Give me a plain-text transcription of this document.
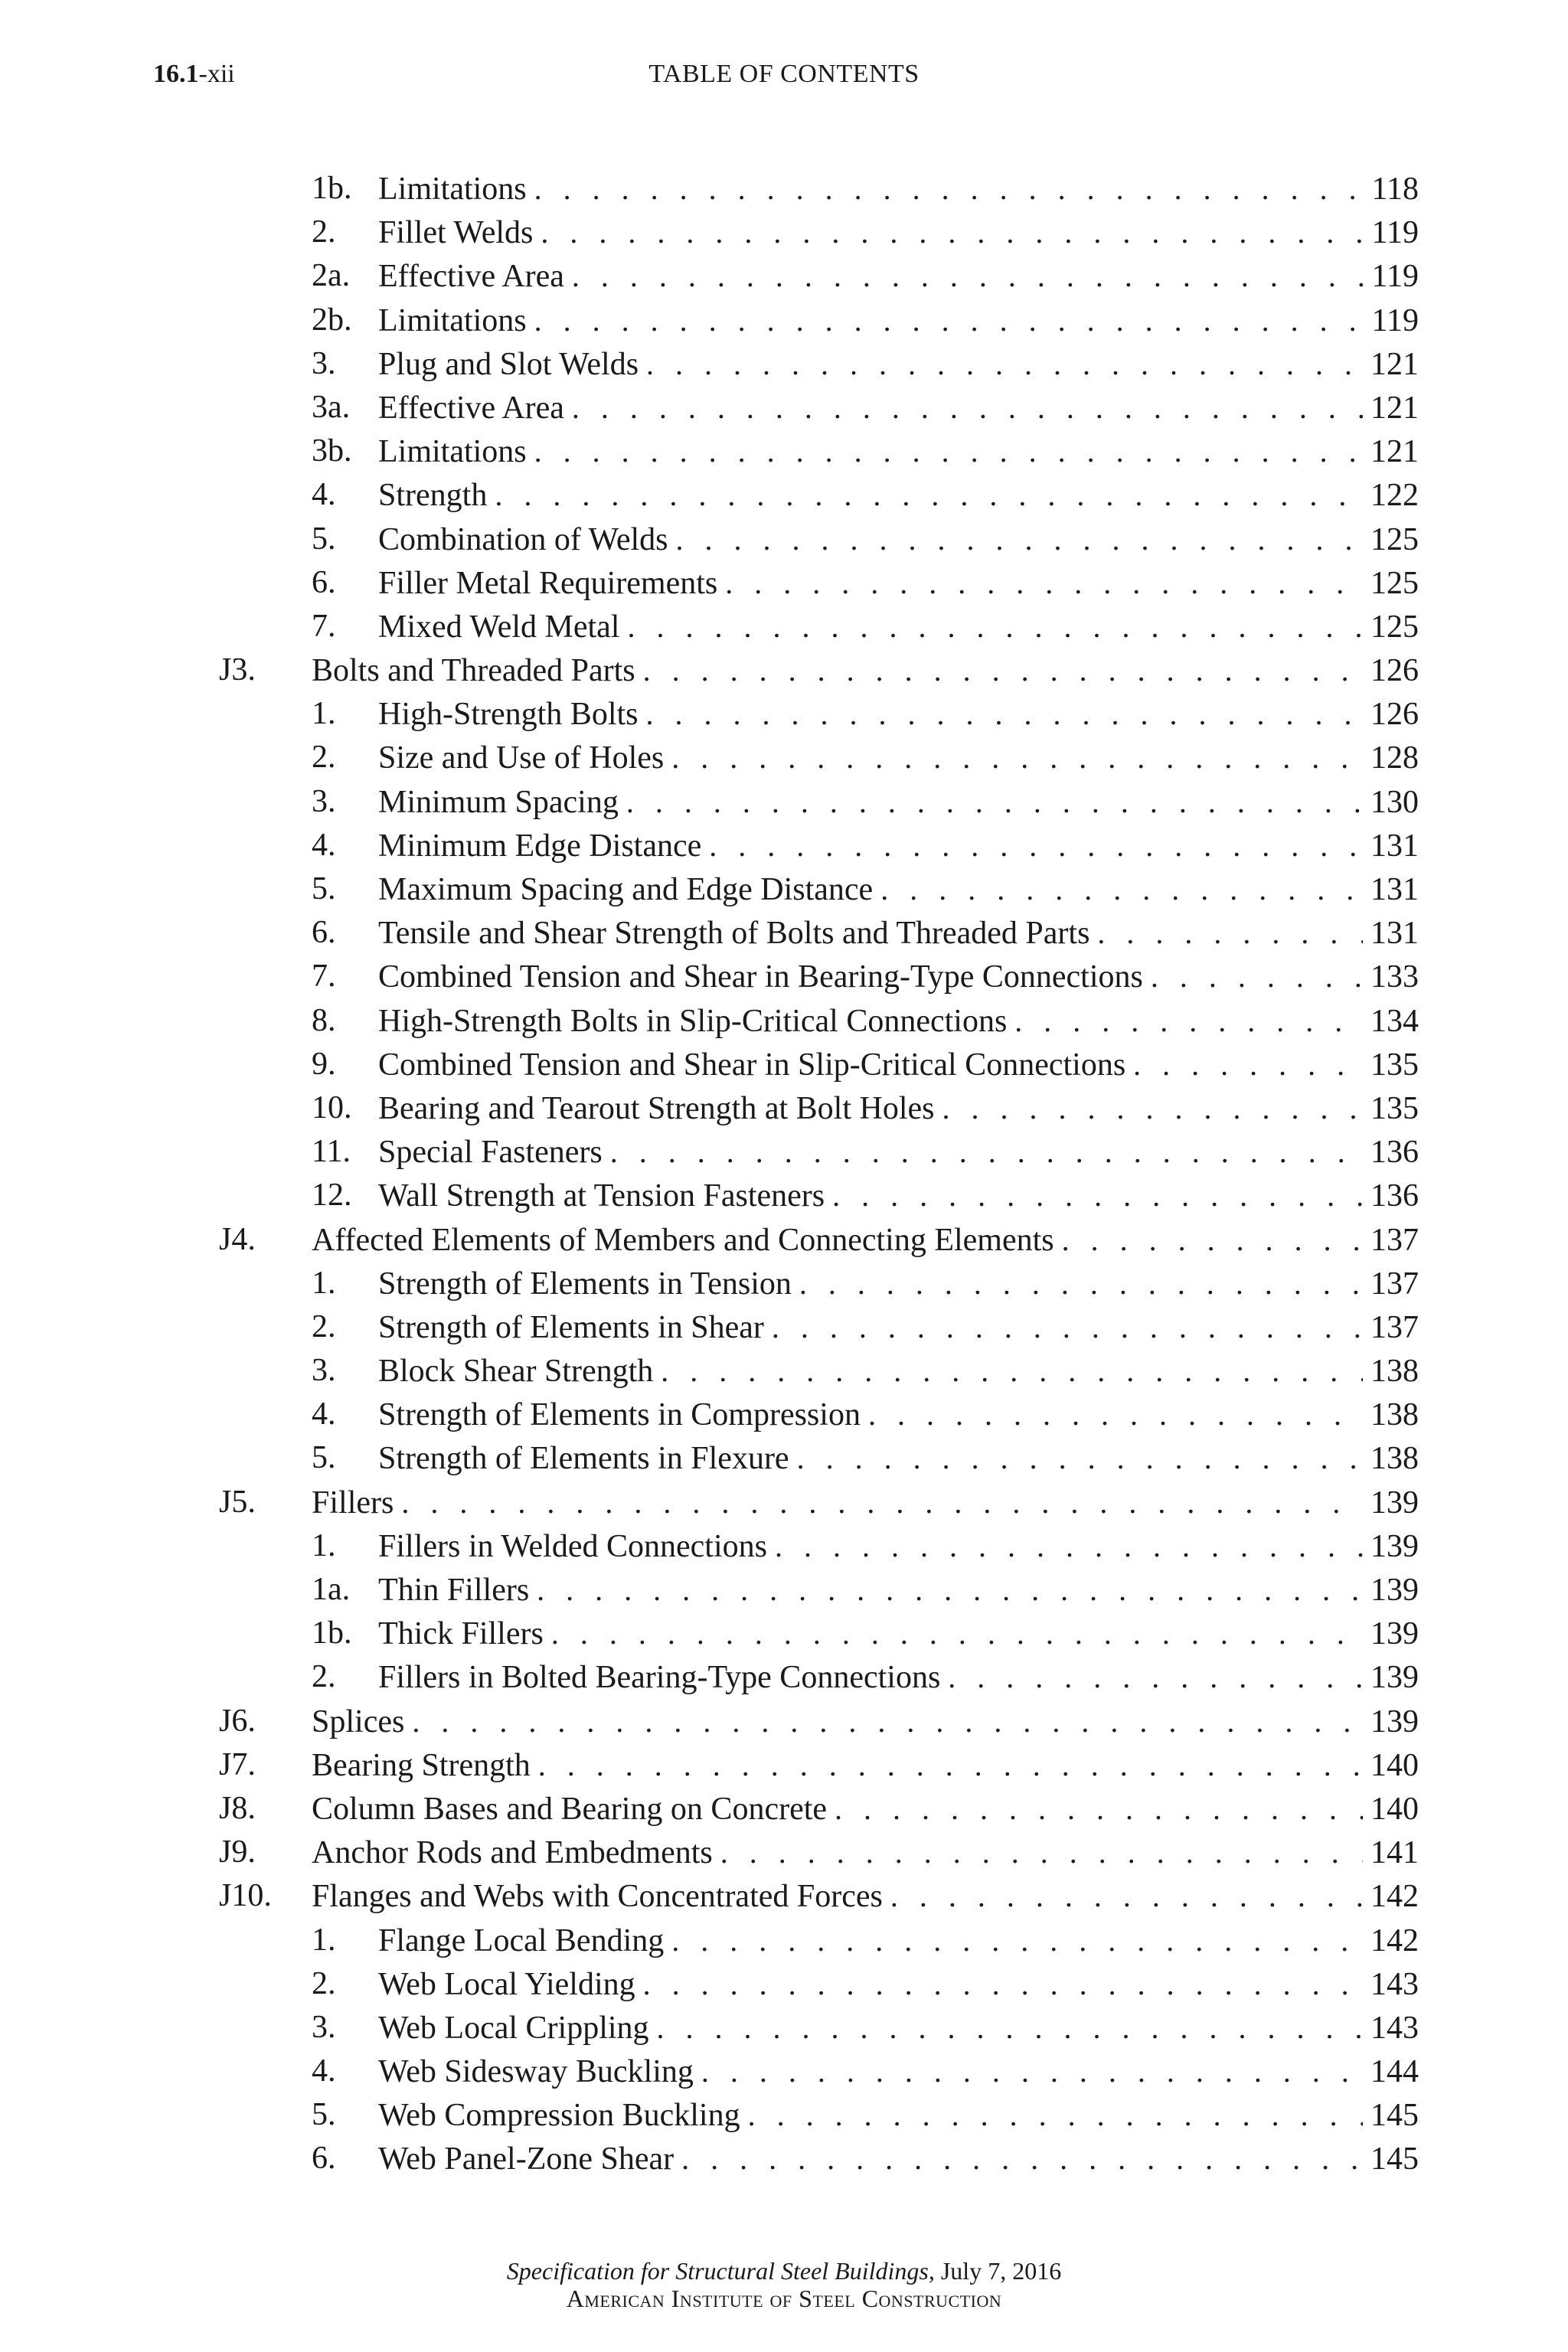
16.1-xii	TABLE OF CONTENTS
1b. Limitations . . .	118
2. Fillet Welds . . .	119
2a. Effective Area . . .	119
2b. Limitations . . .	119
3. Plug and Slot Welds . . .	121
3a. Effective Area . . .	121
3b. Limitations . . .	121
4. Strength . . .	122
5. Combination of Welds . . .	125
6. Filler Metal Requirements . . .	125
7. Mixed Weld Metal . . .	125
J3. Bolts and Threaded Parts . . .	126
1. High-Strength Bolts . . .	126
2. Size and Use of Holes . . .	128
3. Minimum Spacing . . .	130
4. Minimum Edge Distance . . .	131
5. Maximum Spacing and Edge Distance . . .	131
6. Tensile and Shear Strength of Bolts and Threaded Parts . . .	131
7. Combined Tension and Shear in Bearing-Type Connections . . .	133
8. High-Strength Bolts in Slip-Critical Connections . . .	134
9. Combined Tension and Shear in Slip-Critical Connections . . .	135
10. Bearing and Tearout Strength at Bolt Holes . . .	135
11. Special Fasteners . . .	136
12. Wall Strength at Tension Fasteners . . .	136
J4. Affected Elements of Members and Connecting Elements . . .	137
1. Strength of Elements in Tension . . .	137
2. Strength of Elements in Shear . . .	137
3. Block Shear Strength . . .	138
4. Strength of Elements in Compression . . .	138
5. Strength of Elements in Flexure . . .	138
J5. Fillers . . .	139
1. Fillers in Welded Connections . . .	139
1a. Thin Fillers . . .	139
1b. Thick Fillers . . .	139
2. Fillers in Bolted Bearing-Type Connections . . .	139
J6. Splices . . .	139
J7. Bearing Strength . . .	140
J8. Column Bases and Bearing on Concrete . . .	140
J9. Anchor Rods and Embedments . . .	141
J10. Flanges and Webs with Concentrated Forces . . .	142
1. Flange Local Bending . . .	142
2. Web Local Yielding . . .	143
3. Web Local Crippling . . .	143
4. Web Sidesway Buckling . . .	144
5. Web Compression Buckling . . .	145
6. Web Panel-Zone Shear . . .	145
Specification for Structural Steel Buildings, July 7, 2016
American Institute of Steel Construction
